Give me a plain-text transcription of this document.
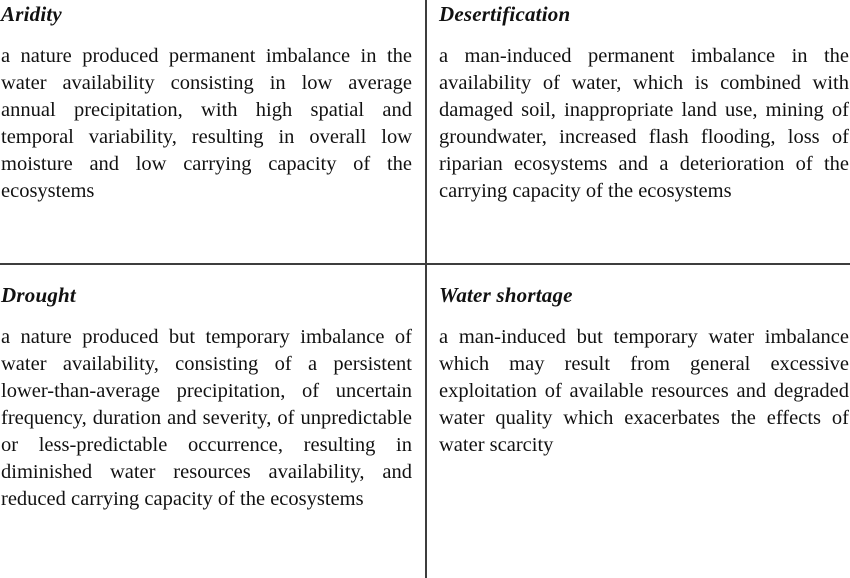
Aridity

a nature produced permanent imbalance in the water availability consisting in low average annual precipitation, with high spatial and temporal variability, resulting in overall low moisture and low carrying capacity of the ecosystems

Desertification

a man-induced permanent imbalance in the availability of water, which is combined with damaged soil, inappropriate land use, mining of groundwater, increased flash flooding, loss of riparian ecosystems and a deterioration of the carrying capacity of the ecosystems

Drought

a nature produced but temporary imbalance of water availability, consisting of a persistent lower-than-average precipitation, of uncertain frequency, duration and severity, of unpredictable or less-predictable occurrence, resulting in diminished water resources availability, and reduced carrying capacity of the ecosystems

Water shortage

a man-induced but temporary water imbalance which may result from general excessive exploitation of available resources and degraded water quality which exacerbates the effects of water scarcity
